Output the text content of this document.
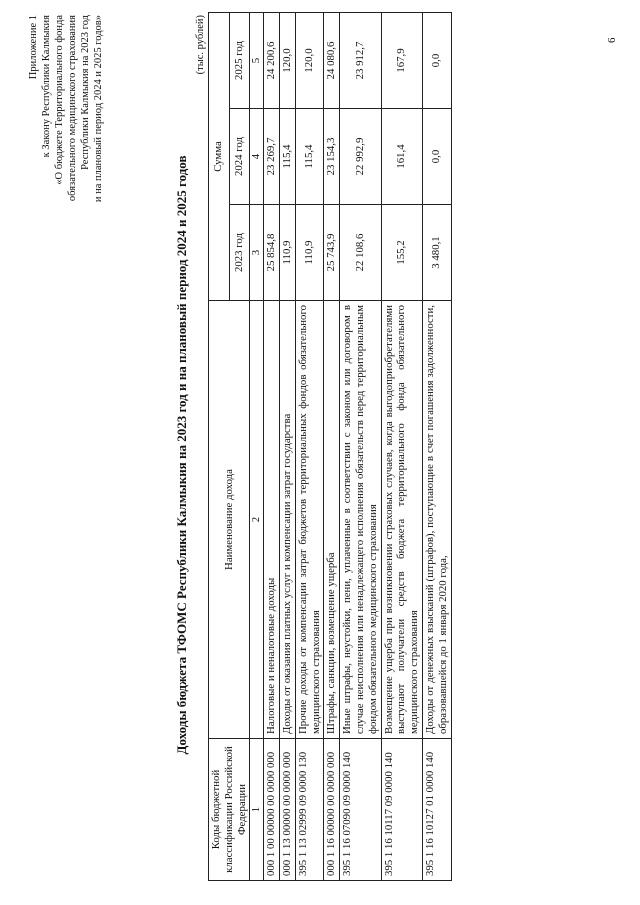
Приложение 1 к Закону Республики Калмыкия «О бюджете Территориального фонда обязательного медицинского страхования Республики Калмыкия на 2023 год и на плановый период 2024 и 2025 годов»
Доходы бюджета ТФОМС Республики Калмыкия на 2023 год и на плановый период 2024 и 2025 годов
(тыс. рублей)
Коды бюджетной классификации Российской Федерации	Наименование дохода	Сумма		
		2023 год	2024 год	2025 год
1	2	3	4	5
000 1 00 00000 00 0000 000	Налоговые и неналоговые доходы	25 854,8	23 269,7	24 200,6
000 1 13 00000 00 0000 000	Доходы от оказания платных услуг и компенсации затрат государства	110,9	115,4	120,0
395 1 13 02999 09 0000 130	Прочие доходы от компенсации затрат бюджетов территориальных фондов обязательного медицинского страхования	110,9	115,4	120,0
000 1 16 00000 00 0000 000	Штрафы, санкции, возмещение ущерба	25 743,9	23 154,3	24 080,6
395 1 16 07090 09 0000 140	Иные штрафы, неустойки, пени, уплаченные в соответствии с законом или договором в случае неисполнения или ненадлежащего исполнения обязательств перед территориальным фондом обязательного медицинского страхования	22 108,6	22 992,9	23 912,7
395 1 16 10117 09 0000 140	Возмещение ущерба при возникновении страховых случаев, когда выгодоприобретателями выступают получатели средств бюджета территориального фонда обязательного медицинского страхования	155,2	161,4	167,9
395 1 16 10127 01 0000 140	Доходы от денежных взысканий (штрафов), поступающие в счет погашения задолженности, образовавшейся до 1 января 2020 года,	3 480,1	0,0	0,0
6
